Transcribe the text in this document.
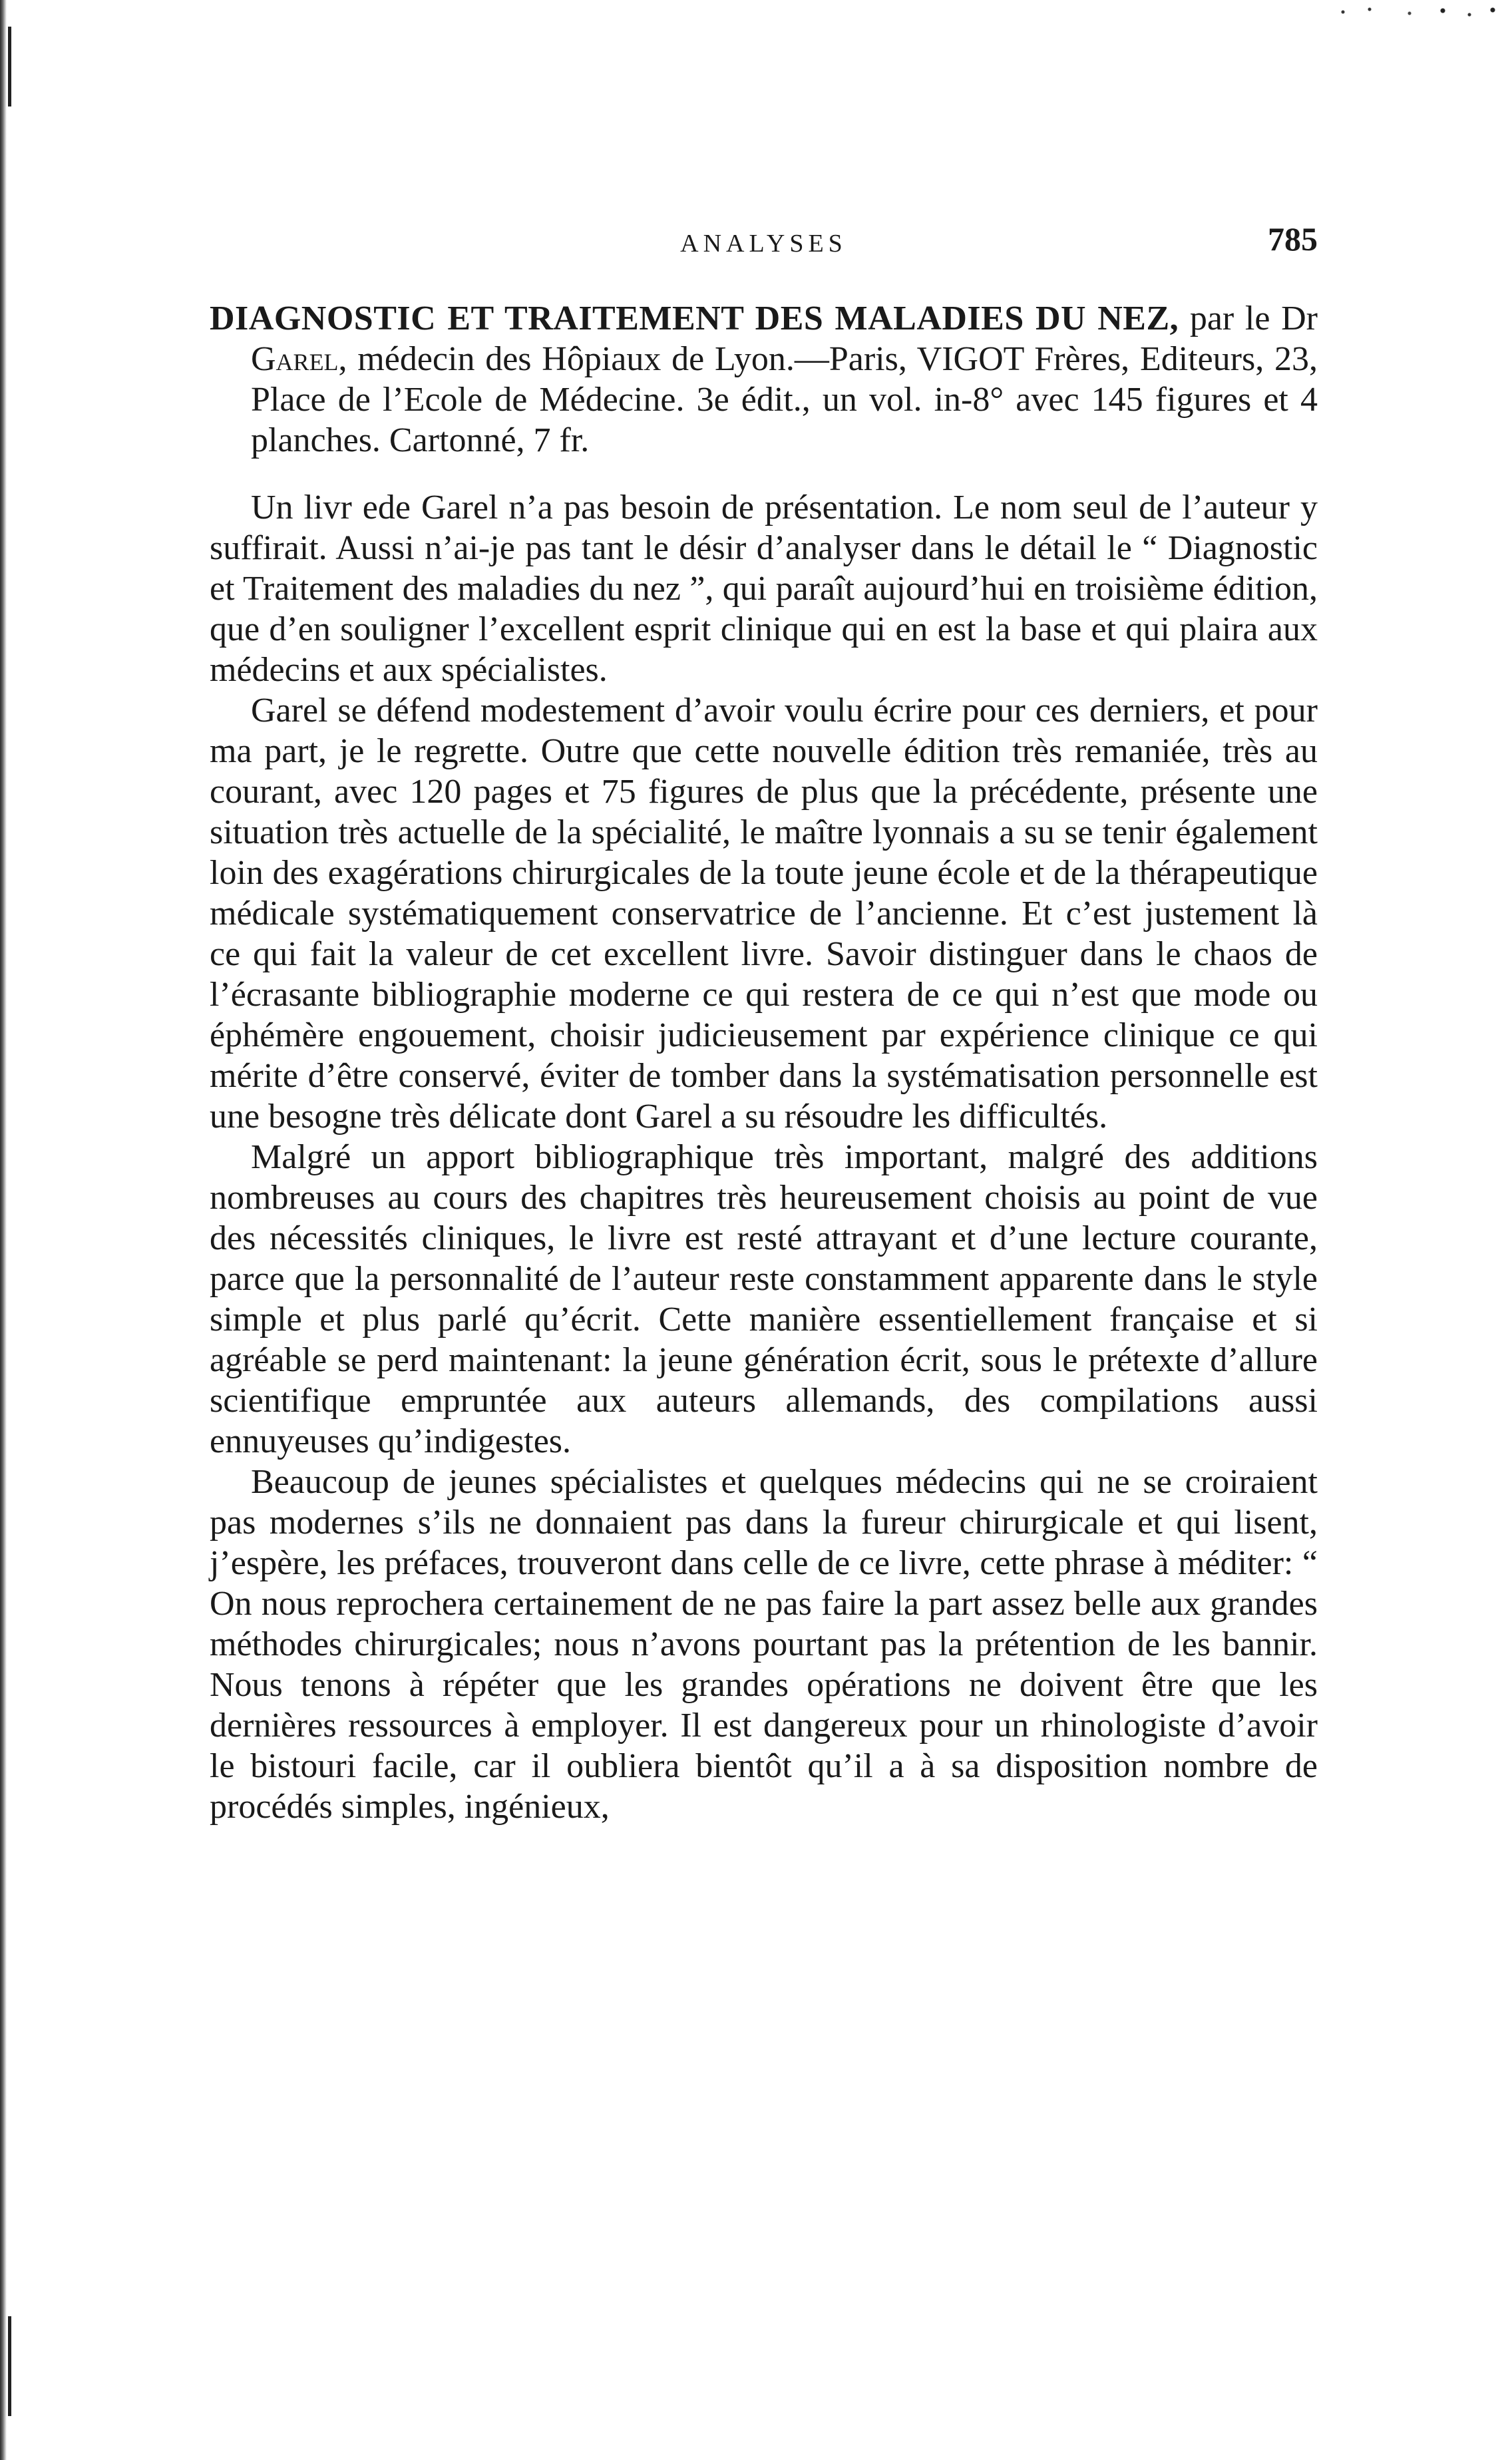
ANALYSES	785

DIAGNOSTIC ET TRAITEMENT DES MALADIES DU NEZ, par le Dr Garel, médecin des Hôpiaux de Lyon.—Paris, VIGOT Frères, Editeurs, 23, Place de l’Ecole de Médecine. 3e édit., un vol. in-8° avec 145 figures et 4 planches. Cartonné, 7 fr.

Un livr ede Garel n’a pas besoin de présentation. Le nom seul de l’auteur y suffirait. Aussi n’ai-je pas tant le désir d’analyser dans le détail le “ Diagnostic et Traitement des maladies du nez ”, qui paraît aujourd’hui en troisième édition, que d’en souligner l’excellent esprit clinique qui en est la base et qui plaira aux médecins et aux spécialistes.

Garel se défend modestement d’avoir voulu écrire pour ces derniers, et pour ma part, je le regrette. Outre que cette nouvelle édition très remaniée, très au courant, avec 120 pages et 75 figures de plus que la précédente, présente une situation très actuelle de la spécialité, le maître lyonnais a su se tenir également loin des exagérations chirurgicales de la toute jeune école et de la thérapeutique médicale systématiquement conservatrice de l’ancienne. Et c’est justement là ce qui fait la valeur de cet excellent livre. Savoir distinguer dans le chaos de l’écrasante bibliographie moderne ce qui restera de ce qui n’est que mode ou éphémère engouement, choisir judicieusement par expérience clinique ce qui mérite d’être conservé, éviter de tomber dans la systématisation personnelle est une besogne très délicate dont Garel a su résoudre les difficultés.

Malgré un apport bibliographique très important, malgré des additions nombreuses au cours des chapitres très heureusement choisis au point de vue des nécessités cliniques, le livre est resté attrayant et d’une lecture courante, parce que la personnalité de l’auteur reste constamment apparente dans le style simple et plus parlé qu’écrit. Cette manière essentiellement française et si agréable se perd maintenant: la jeune génération écrit, sous le prétexte d’allure scientifique empruntée aux auteurs allemands, des compilations aussi ennuyeuses qu’indigestes.

Beaucoup de jeunes spécialistes et quelques médecins qui ne se croiraient pas modernes s’ils ne donnaient pas dans la fureur chirurgicale et qui lisent, j’espère, les préfaces, trouveront dans celle de ce livre, cette phrase à méditer: “ On nous reprochera certainement de ne pas faire la part assez belle aux grandes méthodes chirurgicales; nous n’avons pourtant pas la prétention de les bannir. Nous tenons à répéter que les grandes opérations ne doivent être que les dernières ressources à employer. Il est dangereux pour un rhinologiste d’avoir le bistouri facile, car il oubliera bientôt qu’il a à sa disposition nombre de procédés simples, ingénieux,
